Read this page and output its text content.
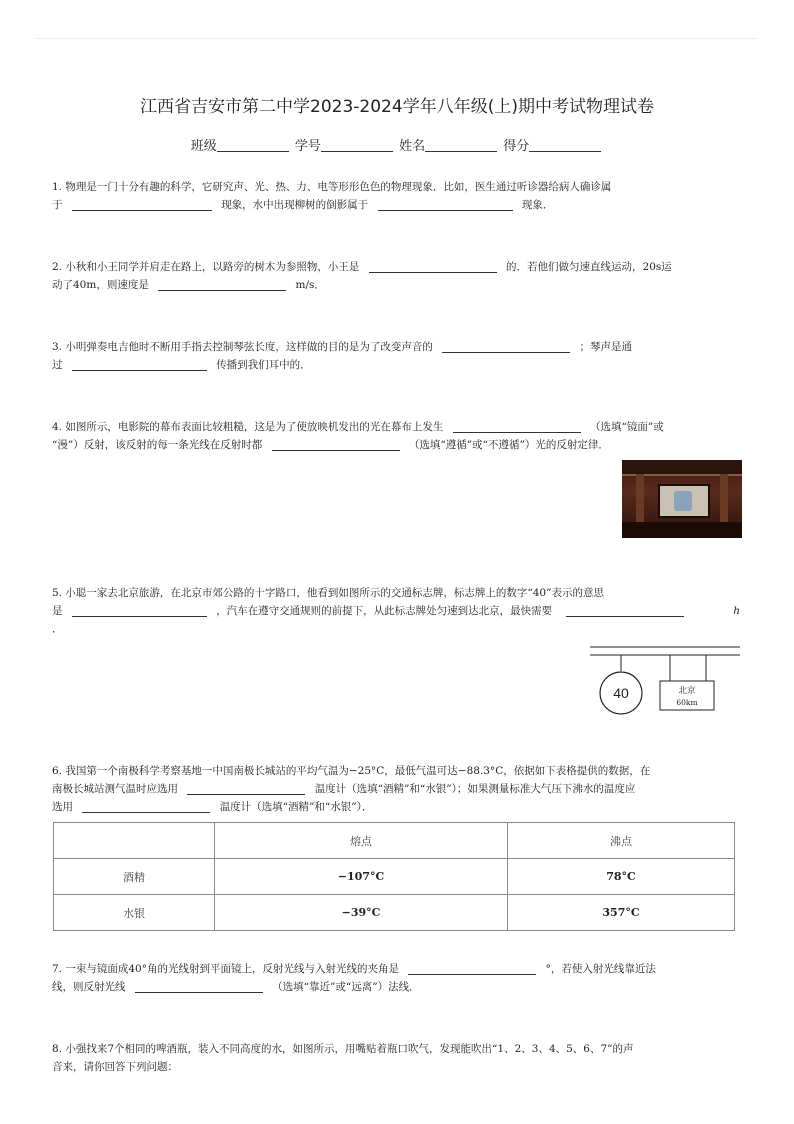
江西省吉安市第二中学2023-2024学年八年级(上)期中考试物理试卷
班级	学号	姓名	得分
1. 物理是一门十分有趣的科学，它研究声、光、热、力、电等形形色色的物理现象．比如，医生通过听诊器给病人确诊属
于	现象，水中出现柳树的倒影属于	现象．
2. 小秋和小王同学并肩走在路上，以路旁的树木为参照物，小王是	的．若他们做匀速直线运动，20s运
动了40m，则速度是	m/s．
3. 小明弹奏电吉他时不断用手指去控制琴弦长度，这样做的目的是为了改变声音的	；琴声是通
过	传播到我们耳中的．
4. 如图所示，电影院的幕布表面比较粗糙，这是为了使放映机发出的光在幕布上发生	（选填“镜面”或
“漫”）反射，该反射的每一条光线在反射时都	（选填“遵循”或“不遵循”）光的反射定律．
5. 小聪一家去北京旅游，在北京市郊公路的十字路口，他看到如图所示的交通标志牌，标志牌上的数字“40”表示的意思
是	，汽车在遵守交通规则的前提下，从此标志牌处匀速到达北京，最快需要	h
．
40	北京
60km
6. 我国第一个南极科学考察基地一中国南极长城站的平均气温为−25°C，最低气温可达−88.3°C，依据如下表格提供的数据，在
南极长城站测气温时应选用	温度计（选填“酒精”和“水银”）；如果测量标准大气压下沸水的温度应
选用	温度计（选填“酒精”和“水银”）．
	熔点	沸点
酒精	−107°C	78°C
水银	−39°C	357°C
7. 一束与镜面成40°角的光线射到平面镜上，反射光线与入射光线的夹角是	°，若使入射光线靠近法
线，则反射光线	（选填“靠近”或“远离”）法线．
8. 小强找来7个相同的啤酒瓶，装入不同高度的水，如图所示，用嘴贴着瓶口吹气，发现能吹出“1、2、3、4、5、6、7”的声
音来，请你回答下列问题：
